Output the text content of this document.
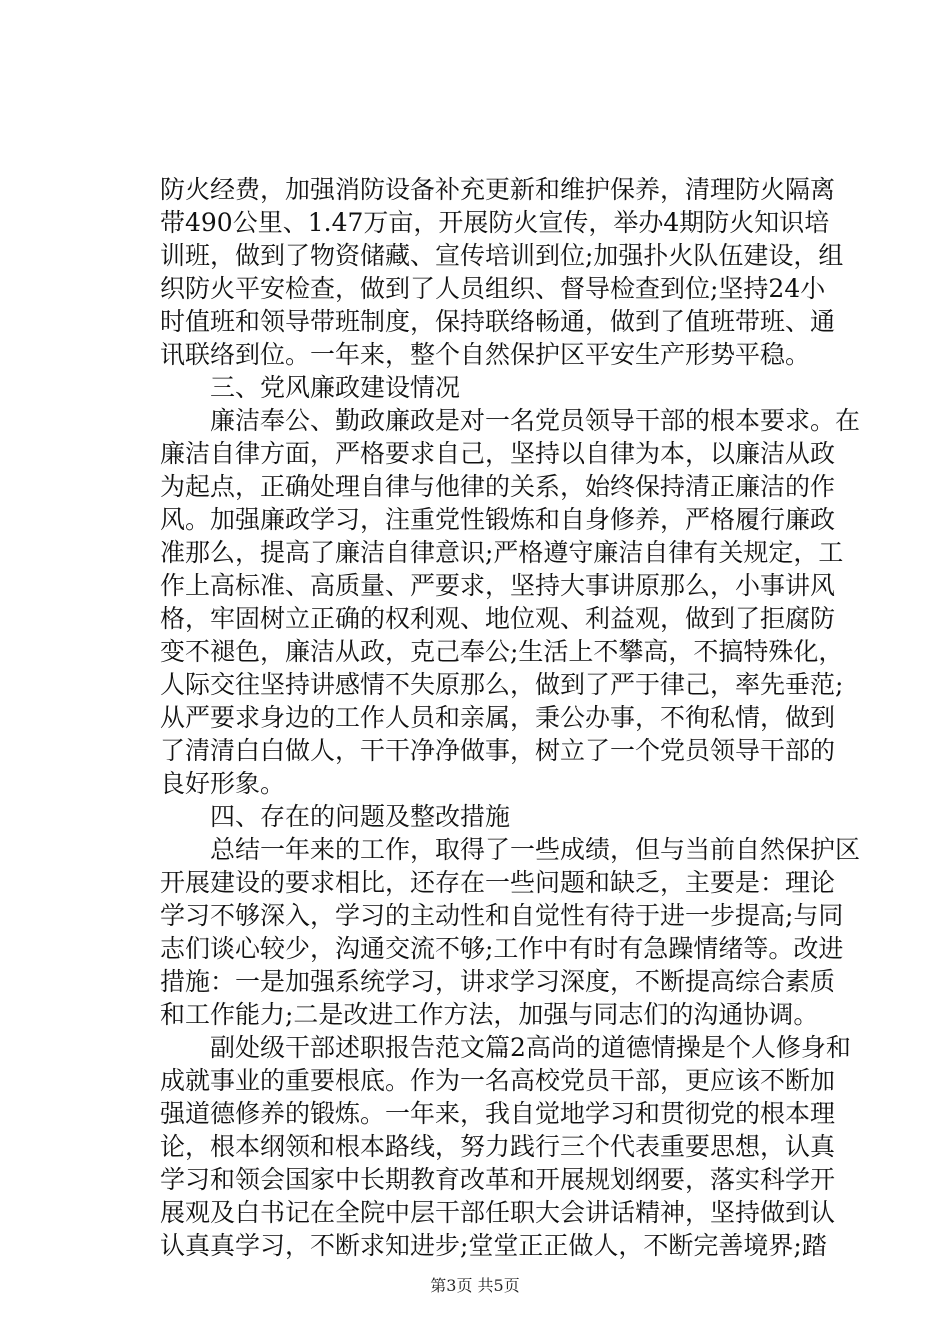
防火经费，加强消防设备补充更新和维护保养，清理防火隔离
带490公里、1.47万亩，开展防火宣传，举办4期防火知识培
训班，做到了物资储藏、宣传培训到位;加强扑火队伍建设，组
织防火平安检查，做到了人员组织、督导检查到位;坚持24小
时值班和领导带班制度，保持联络畅通，做到了值班带班、通
讯联络到位。一年来，整个自然保护区平安生产形势平稳。
三、党风廉政建设情况
廉洁奉公、勤政廉政是对一名党员领导干部的根本要求。在
廉洁自律方面，严格要求自己，坚持以自律为本，以廉洁从政
为起点，正确处理自律与他律的关系，始终保持清正廉洁的作
风。加强廉政学习，注重党性锻炼和自身修养，严格履行廉政
准那么，提高了廉洁自律意识;严格遵守廉洁自律有关规定，工
作上高标准、高质量、严要求，坚持大事讲原那么，小事讲风
格，牢固树立正确的权利观、地位观、利益观，做到了拒腐防
变不褪色，廉洁从政，克己奉公;生活上不攀高，不搞特殊化，
人际交往坚持讲感情不失原那么，做到了严于律己，率先垂范;
从严要求身边的工作人员和亲属，秉公办事，不徇私情，做到
了清清白白做人，干干净净做事，树立了一个党员领导干部的
良好形象。
四、存在的问题及整改措施
总结一年来的工作，取得了一些成绩，但与当前自然保护区
开展建设的要求相比，还存在一些问题和缺乏，主要是：理论
学习不够深入，学习的主动性和自觉性有待于进一步提高;与同
志们谈心较少，沟通交流不够;工作中有时有急躁情绪等。改进
措施：一是加强系统学习，讲求学习深度，不断提高综合素质
和工作能力;二是改进工作方法，加强与同志们的沟通协调。
副处级干部述职报告范文篇2高尚的道德情操是个人修身和
成就事业的重要根底。作为一名高校党员干部，更应该不断加
强道德修养的锻炼。一年来，我自觉地学习和贯彻党的根本理
论，根本纲领和根本路线，努力践行三个代表重要思想，认真
学习和领会国家中长期教育改革和开展规划纲要，落实科学开
展观及白书记在全院中层干部任职大会讲话精神，坚持做到认
认真真学习，不断求知进步;堂堂正正做人，不断完善境界;踏
第3页 共5页
